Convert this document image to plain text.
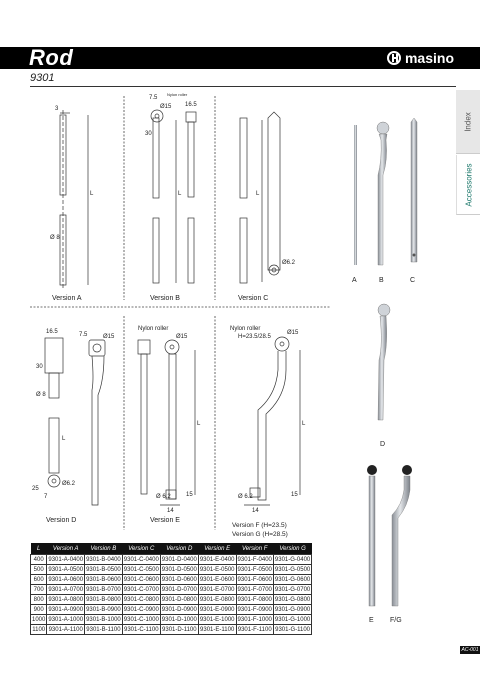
Rod	masino
9301
Index
Accessories
3
Ø 8
L
Version A
7.5
16.5
Ø15
30
Nylon roller
L
Version B
Ø6.2
L
Version C
16.5	7.5	Ø15
30
Ø 8
25
7
Ø6.2
L
Version D
Nylon roller
Ø15
Ø 6.2	15
14
L
Version E
Nylon roller
H=23.5/28.5
Ø15
Ø 6.2	15
14
L
Version F (H=23.5)
Version G (H=28.5)
A	B	C
D
E F/G
L	Version A	Version B	Version C	Version D	Version E	Version F	Version G
400	9301-A-0400	9301-B-0400	9301-C-0400	9301-D-0400	9301-E-0400	9301-F-0400	9301-G-0400
500	9301-A-0500	9301-B-0500	9301-C-0500	9301-D-0500	9301-E-0500	9301-F-0500	9301-G-0500
600	9301-A-0600	9301-B-0600	9301-C-0600	9301-D-0600	9301-E-0600	9301-F-0600	9301-G-0600
700	9301-A-0700	9301-B-0700	9301-C-0700	9301-D-0700	9301-E-0700	9301-F-0700	9301-G-0700
800	9301-A-0800	9301-B-0800	9301-C-0800	9301-D-0800	9301-E-0800	9301-F-0800	9301-G-0800
900	9301-A-0900	9301-B-0900	9301-C-0900	9301-D-0900	9301-E-0900	9301-F-0900	9301-G-0900
1000	9301-A-1000	9301-B-1000	9301-C-1000	9301-D-1000	9301-E-1000	9301-F-1000	9301-G-1000
1100	9301-A-1100	9301-B-1100	9301-C-1100	9301-D-1100	9301-E-1100	9301-F-1100	9301-G-1100
AC-001
